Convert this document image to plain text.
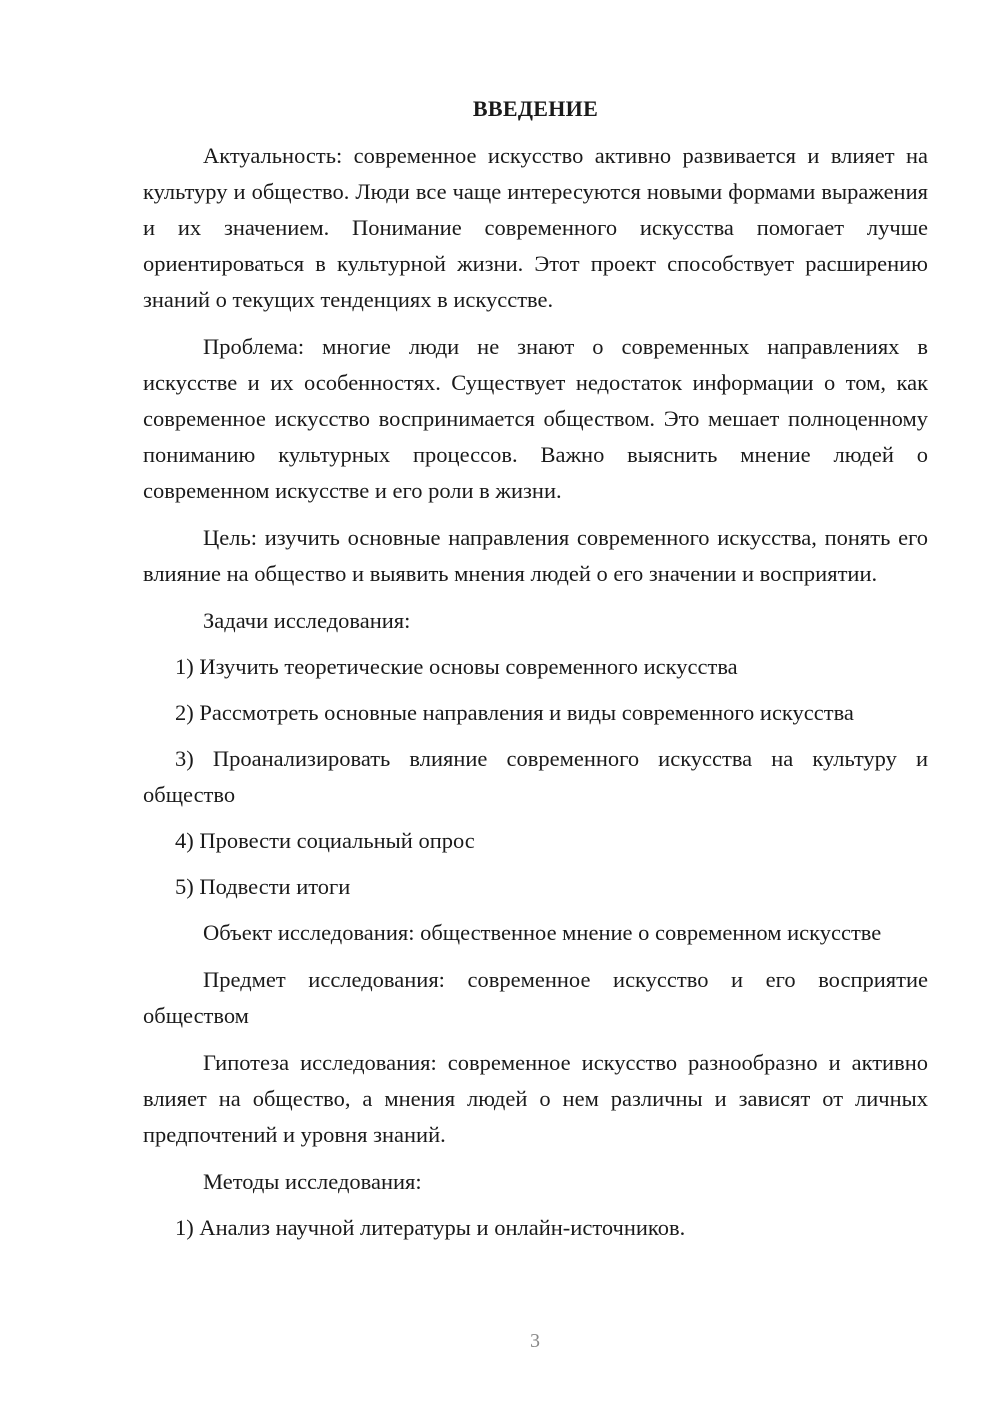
ВВЕДЕНИЕ

Актуальность: современное искусство активно развивается и влияет на культуру и общество. Люди все чаще интересуются новыми формами выражения и их значением. Понимание современного искусства помогает лучше ориентироваться в культурной жизни. Этот проект способствует расширению знаний о текущих тенденциях в искусстве.

Проблема: многие люди не знают о современных направлениях в искусстве и их особенностях. Существует недостаток информации о том, как современное искусство воспринимается обществом. Это мешает полноценному пониманию культурных процессов. Важно выяснить мнение людей о современном искусстве и его роли в жизни.

Цель: изучить основные направления современного искусства, понять его влияние на общество и выявить мнения людей о его значении и восприятии.

Задачи исследования:

1) Изучить теоретические основы современного искусства

2) Рассмотреть основные направления и виды современного искусства

3) Проанализировать влияние современного искусства на культуру и общество

4) Провести социальный опрос

5) Подвести итоги

Объект исследования: общественное мнение о современном искусстве

Предмет исследования: современное искусство и его восприятие обществом

Гипотеза исследования: современное искусство разнообразно и активно влияет на общество, а мнения людей о нем различны и зависят от личных предпочтений и уровня знаний.

Методы исследования:

1) Анализ научной литературы и онлайн-источников.

3
